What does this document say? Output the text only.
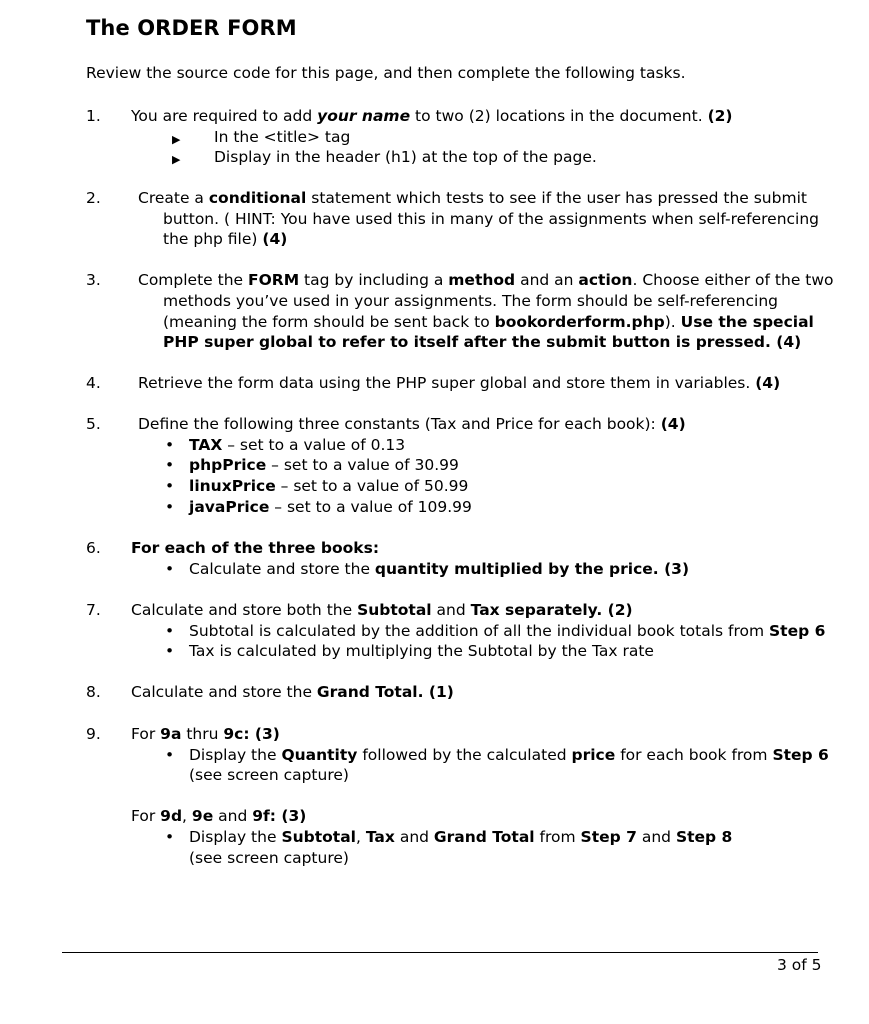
The ORDER FORM
Review the source code for this page, and then complete the following tasks.
1. You are required to add your name to two (2) locations in the document. (2)
▶ In the <title> tag
▶ Display in the header (h1) at the top of the page.
2. Create a conditional statement which tests to see if the user has pressed the submit
button. ( HINT: You have used this in many of the assignments when self-referencing
the php file) (4)
3. Complete the FORM tag by including a method and an action. Choose either of the two
methods you’ve used in your assignments. The form should be self-referencing
(meaning the form should be sent back to bookorderform.php). Use the special
PHP super global to refer to itself after the submit button is pressed. (4)
4. Retrieve the form data using the PHP super global and store them in variables. (4)
5. Define the following three constants (Tax and Price for each book): (4)
• TAX – set to a value of 0.13
• phpPrice – set to a value of 30.99
• linuxPrice – set to a value of 50.99
• javaPrice – set to a value of 109.99
6. For each of the three books:
• Calculate and store the quantity multiplied by the price. (3)
7. Calculate and store both the Subtotal and Tax separately. (2)
• Subtotal is calculated by the addition of all the individual book totals from Step 6
• Tax is calculated by multiplying the Subtotal by the Tax rate
8. Calculate and store the Grand Total. (1)
9. For 9a thru 9c: (3)
• Display the Quantity followed by the calculated price for each book from Step 6
(see screen capture)
For 9d, 9e and 9f: (3)
• Display the Subtotal, Tax and Grand Total from Step 7 and Step 8
(see screen capture)
3 of 5
